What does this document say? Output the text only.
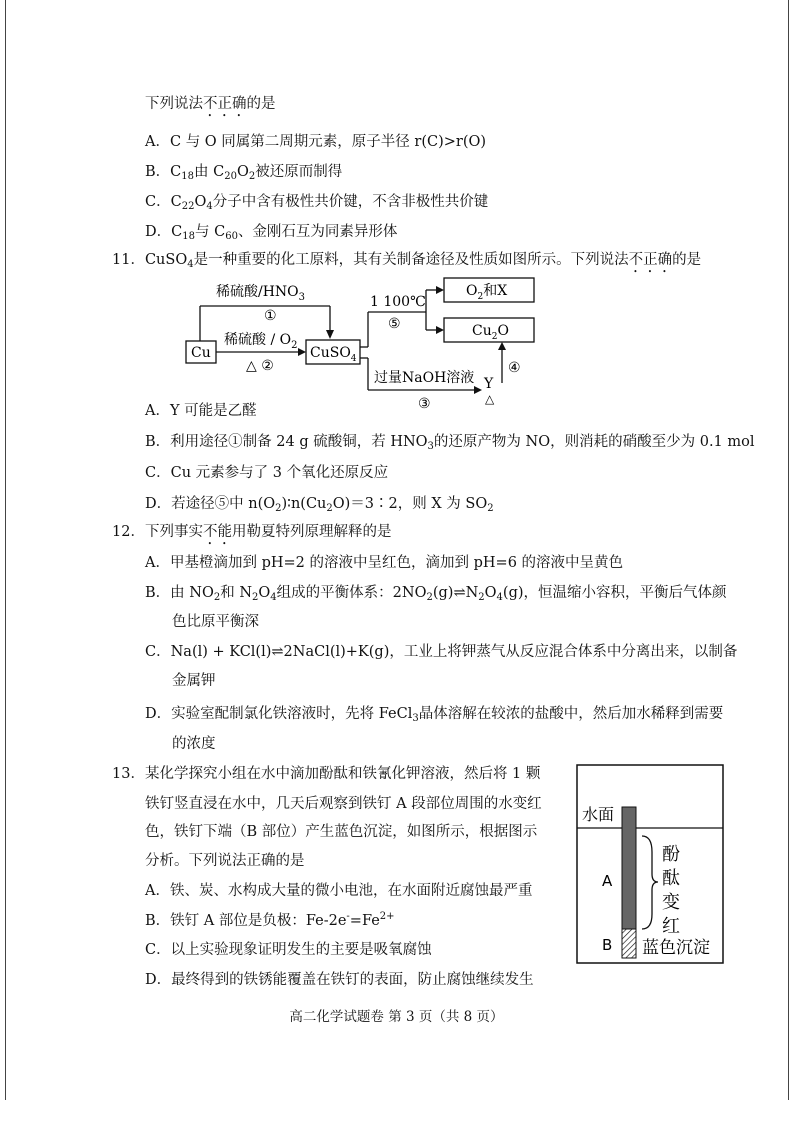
下列说法不正确的是
A．C 与 O 同属第二周期元素，原子半径 r(C)>r(O)
B．$C_{18}$由 $C_{20}O_2$被还原而制得
C．$C_{22}O_4$分子中含有极性共价键，不含非极性共价键
D．$C_{18}$与 $C_{60}$、金刚石互为同素异形体
11．CuSO$_4$是一种重要的化工原料，其有关制备途径及性质如图所示。下列说法不正确的是
稀硫酸$/HNO_3$
①
Cu
稀硫酸 / $O_2$
△ ②
CuSO$_4$
1 100℃
⑤
$O_2$和X
$Cu_2O$
过量NaOH溶液
③
Y
△
④
A．Y 可能是乙醛
B．利用途径①制备 24 g 硫酸铜，若 $HNO_3$的还原产物为 NO，则消耗的硝酸至少为 0.1 mol
C．Cu 元素参与了 3 个氧化还原反应
D．若途径⑤中 $n(O_2)∶n(Cu_2O)=3∶2$，则 X 为 $SO_2$
12．下列事实不能用勒夏特列原理解释的是
A．甲基橙滴加到 pH=2 的溶液中呈红色，滴加到 pH=6 的溶液中呈黄色
B．由 $NO_2$和 $N_2O_4$组成的平衡体系：$2NO_2(g)\rightleftharpoons N_2O_4(g)$，恒温缩小容积，平衡后气体颜
色比原平衡深
C．Na(l) + KCl(l)⇌2NaCl(l)+K(g)，工业上将钾蒸气从反应混合体系中分离出来，以制备
金属钾
D．实验室配制氯化铁溶液时，先将 FeCl$_3$晶体溶解在较浓的盐酸中，然后加水稀释到需要
的浓度
13．某化学探究小组在水中滴加酚酞和铁氰化钾溶液，然后将 1 颗
铁钉竖直浸在水中，几天后观察到铁钉 A 段部位周围的水变红
色，铁钉下端（B 部位）产生蓝色沉淀，如图所示，根据图示
分析。下列说法正确的是
A．铁、炭、水构成大量的微小电池，在水面附近腐蚀最严重
B．铁钉 A 部位是负极：$Fe-2e^-=Fe^{2+}$
C．以上实验现象证明发生的主要是吸氧腐蚀
D．最终得到的铁锈能覆盖在铁钉的表面，防止腐蚀继续发生
水面
A
B
酚
酞
变
红
蓝色沉淀
高二化学试题卷 第 3 页（共 8 页）
